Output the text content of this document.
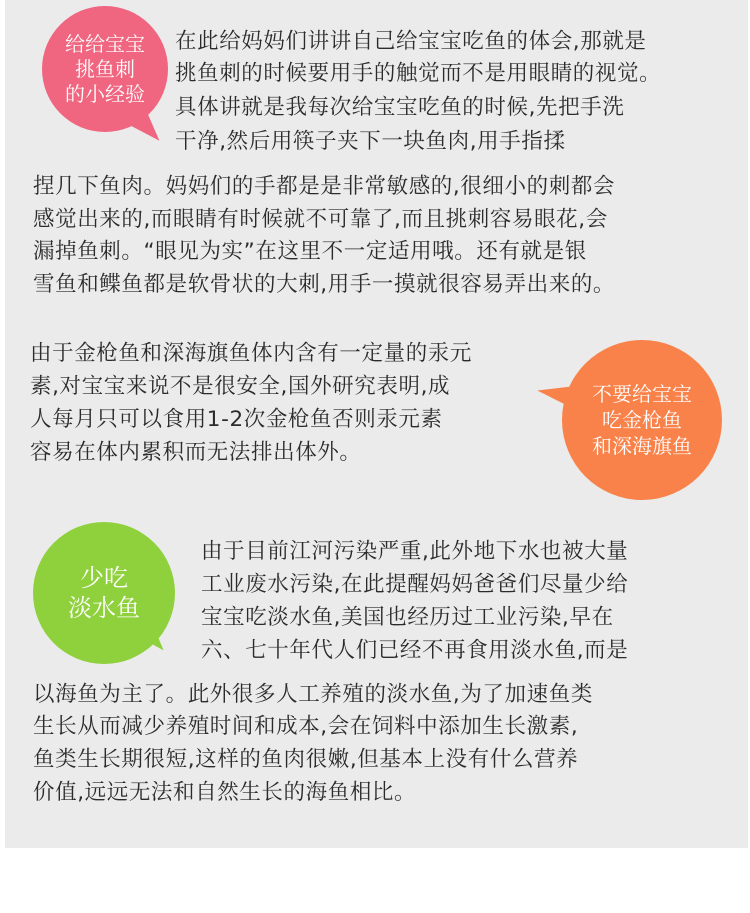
给给宝宝
挑鱼刺
的小经验
在此给妈妈们讲讲自己给宝宝吃鱼的体会,那就是
挑鱼刺的时候要用手的触觉而不是用眼睛的视觉。
具体讲就是我每次给宝宝吃鱼的时候,先把手洗
干净,然后用筷子夹下一块鱼肉,用手指揉
捏几下鱼肉。妈妈们的手都是是非常敏感的,很细小的刺都会
感觉出来的,而眼睛有时候就不可靠了,而且挑刺容易眼花,会
漏掉鱼刺。“眼见为实”在这里不一定适用哦。还有就是银
雪鱼和鲽鱼都是软骨状的大刺,用手一摸就很容易弄出来的。
不要给宝宝
吃金枪鱼
和深海旗鱼
由于金枪鱼和深海旗鱼体内含有一定量的汞元
素,对宝宝来说不是很安全,国外研究表明,成
人每月只可以食用1-2次金枪鱼否则汞元素
容易在体内累积而无法排出体外。
少吃
淡水鱼
由于目前江河污染严重,此外地下水也被大量
工业废水污染,在此提醒妈妈爸爸们尽量少给
宝宝吃淡水鱼,美国也经历过工业污染,早在
六、七十年代人们已经不再食用淡水鱼,而是
以海鱼为主了。此外很多人工养殖的淡水鱼,为了加速鱼类
生长从而减少养殖时间和成本,会在饲料中添加生长激素,
鱼类生长期很短,这样的鱼肉很嫩,但基本上没有什么营养
价值,远远无法和自然生长的海鱼相比。
